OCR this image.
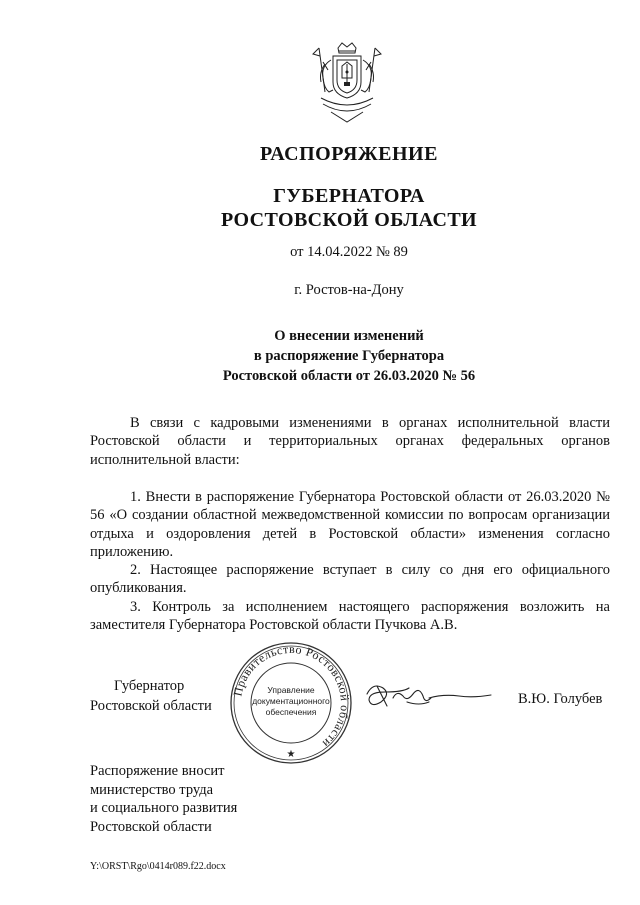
РАСПОРЯЖЕНИЕ
ГУБЕРНАТОРА
РОСТОВСКОЙ ОБЛАСТИ
от 14.04.2022 № 89
г. Ростов-на-Дону
О внесении изменений
в распоряжение Губернатора
Ростовской области от 26.03.2020 № 56

В связи с кадровыми изменениями в органах исполнительной власти Ростовской области и территориальных органах федеральных органов исполнительной власти:

1. Внести в распоряжение Губернатора Ростовской области от 26.03.2020 № 56 «О создании областной межведомственной комиссии по вопросам организации отдыха и оздоровления детей в Ростовской области» изменения согласно приложению.

2. Настоящее распоряжение вступает в силу со дня его официального опубликования.

3. Контроль за исполнением настоящего распоряжения возложить на заместителя Губернатора Ростовской области Пучкова А.В.

Губернатор
Ростовской области
Правительство Ростовской области
Управление
документационного
обеспечения
★
В.Ю. Голубев
Распоряжение вносит
министерство труда
и социального развития
Ростовской области
Y:\ORST\Rgo\0414r089.f22.docx
